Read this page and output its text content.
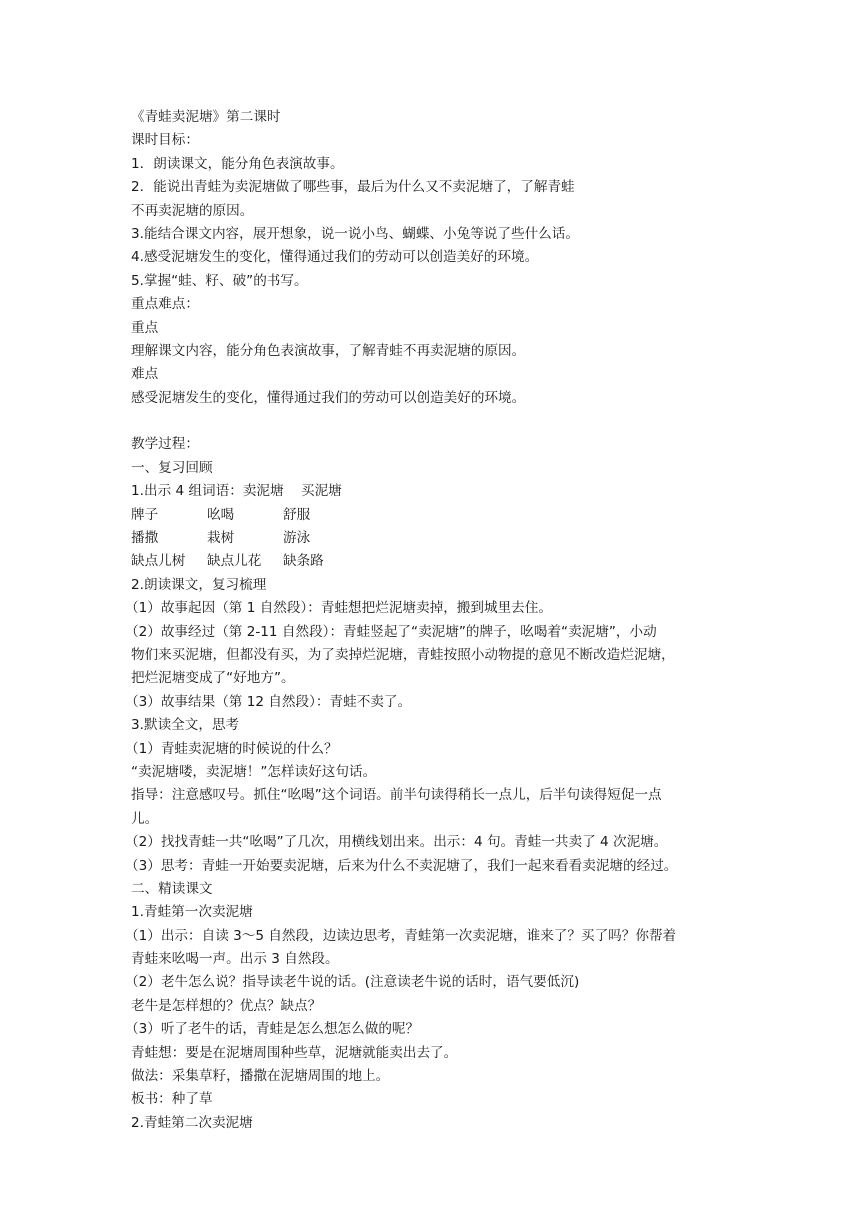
《青蛙卖泥塘》第二课时

课时目标：

1．朗读课文，能分角色表演故事。

2．能说出青蛙为卖泥塘做了哪些事，最后为什么又不卖泥塘了，了解青蛙

不再卖泥塘的原因。

3.能结合课文内容，展开想象，说一说小鸟、蝴蝶、小兔等说了些什么话。

4.感受泥塘发生的变化，懂得通过我们的劳动可以创造美好的环境。

5.掌握“蛙、籽、破”的书写。

重点难点：

重点

理解课文内容，能分角色表演故事，了解青蛙不再卖泥塘的原因。

难点

感受泥塘发生的变化，懂得通过我们的劳动可以创造美好的环境。

教学过程：

一、复习回顾

1.出示 4 组词语：卖泥塘 买泥塘

牌子	吆喝	舒服

播撒	栽树	游泳

缺点儿树 缺点儿花 缺条路

2.朗读课文，复习梳理

（1）故事起因（第 1 自然段）：青蛙想把烂泥塘卖掉，搬到城里去住。

（2）故事经过（第 2-11 自然段）：青蛙竖起了“卖泥塘”的牌子，吆喝着“卖泥塘”，小动

物们来买泥塘，但都没有买，为了卖掉烂泥塘，青蛙按照小动物提的意见不断改造烂泥塘，

把烂泥塘变成了“好地方”。

（3）故事结果（第 12 自然段）：青蛙不卖了。

3.默读全文，思考

（1）青蛙卖泥塘的时候说的什么？

“卖泥塘喽，卖泥塘！”怎样读好这句话。

指导：注意感叹号。抓住“吆喝”这个词语。前半句读得稍长一点儿，后半句读得短促一点

儿。

（2）找找青蛙一共“吆喝”了几次，用横线划出来。出示：4 句。青蛙一共卖了 4 次泥塘。

（3）思考：青蛙一开始要卖泥塘，后来为什么不卖泥塘了，我们一起来看看卖泥塘的经过。

二、精读课文

1.青蛙第一次卖泥塘

（1）出示：自读 3～5 自然段，边读边思考，青蛙第一次卖泥塘，谁来了？买了吗？你帮着

青蛙来吆喝一声。出示 3 自然段。

（2）老牛怎么说？指导读老牛说的话。(注意读老牛说的话时，语气要低沉)

老牛是怎样想的？优点？缺点？

（3）听了老牛的话，青蛙是怎么想怎么做的呢？

青蛙想：要是在泥塘周围种些草，泥塘就能卖出去了。

做法：采集草籽，播撒在泥塘周围的地上。

板书：种了草

2.青蛙第二次卖泥塘
